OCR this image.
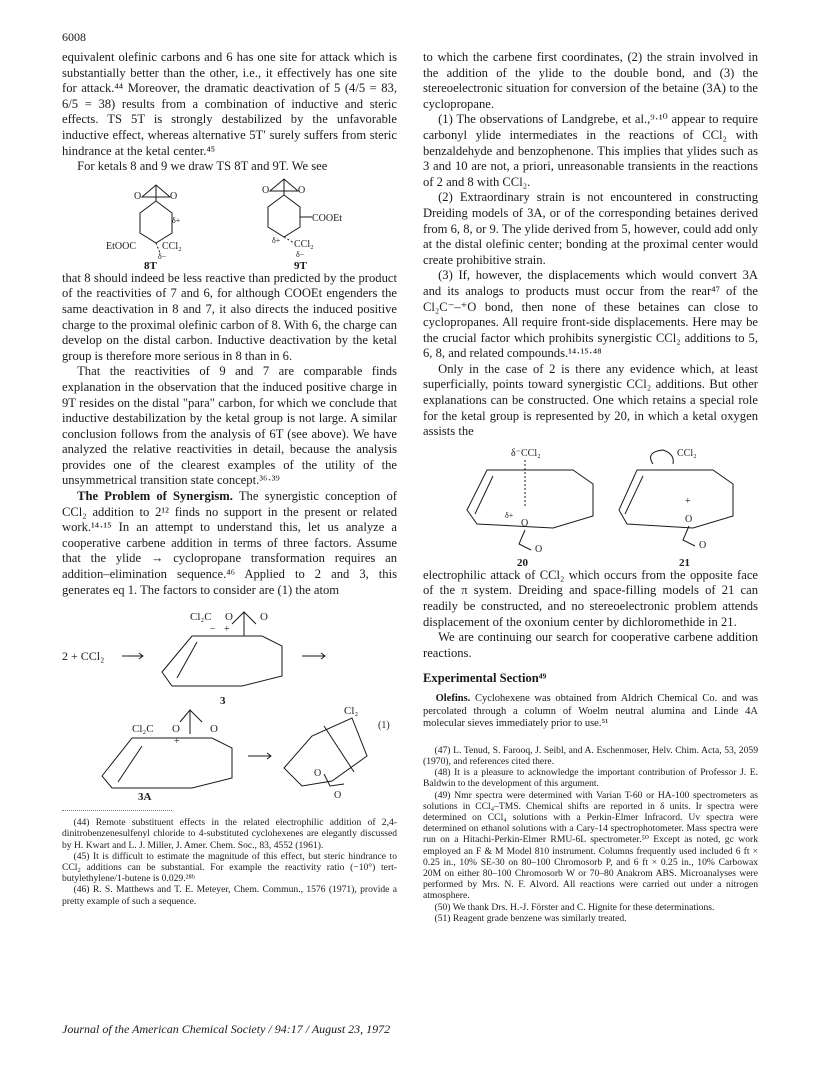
6008

equivalent olefinic carbons and 6 has one site for attack which is substantially better than the other, i.e., it effectively has one site for attack.⁴⁴ Moreover, the dramatic deactivation of 5 (4/5 = 83, 6/5 = 38) results from a combination of inductive and steric effects. TS 5T is strongly destabilized by the unfavorable inductive effect, whereas alternative 5T′ surely suffers from steric hindrance at the ketal center.⁴⁵

For ketals 8 and 9 we draw TS 8T and 9T. We see

O	O
δ+
EtOOC	CCl₂
δ−
8T
O	O
COOEt
δ+ CCl₂
δ−
9T

that 8 should indeed be less reactive than predicted by the product of the reactivities of 7 and 6, for although COOEt engenders the same deactivation in 8 and 7, it also directs the induced positive charge to the proximal olefinic carbon of 8. With 6, the charge can develop on the distal carbon. Inductive deactivation by the ketal group is therefore more serious in 8 than in 6.

That the reactivities of 9 and 7 are comparable finds explanation in the observation that the induced positive charge in 9T resides on the distal "para" carbon, for which we conclude that inductive destabilization by the ketal group is not large. A similar conclusion follows from the analysis of 6T (see above). We have analyzed the relative reactivities in detail, because the analysis provides one of the clearest examples of the utility of the unsymmetrical transition state concept.³⁶·³⁹

The Problem of Synergism. The synergistic conception of CCl₂ addition to 2¹² finds no support in the present or related work.¹⁴·¹⁵ In an attempt to understand this, let us analyze a cooperative carbene addition in terms of three factors. Assume that the ylide → cyclopropane transformation requires an addition–elimination sequence.⁴⁶ Applied to 2 and 3, this generates eq 1. The factors to consider are (1) the atom

2 + CCl₂
Cl₂C O O
− +
3
Cl₂C O	O
+
3A
Cl₂
O
O
(1)

(44) Remote substituent effects in the related electrophilic addition of 2,4-dinitrobenzenesulfenyl chloride to 4-substituted cyclohexenes are elegantly discussed by H. Kwart and L. J. Miller, J. Amer. Chem. Soc., 83, 4552 (1961).

(45) It is difficult to estimate the magnitude of this effect, but steric hindrance to CCl₂ additions can be substantial. For example the reactivity ratio (−10°) tert-butylethylene/1-butene is 0.029.²⁸ᵇ

(46) R. S. Matthews and T. E. Meteyer, Chem. Commun., 1576 (1971), provide a pretty example of such a sequence.

to which the carbene first coordinates, (2) the strain involved in the addition of the ylide to the double bond, and (3) the stereoelectronic situation for conversion of the betaine (3A) to the cyclopropane.

(1) The observations of Landgrebe, et al.,⁹·¹⁰ appear to require carbonyl ylide intermediates in the reactions of CCl₂ with benzaldehyde and benzophenone. This implies that ylides such as 3 and 10 are not, a priori, unreasonable transients in the reactions of 2 and 8 with CCl₂.

(2) Extraordinary strain is not encountered in constructing Dreiding models of 3A, or of the corresponding betaines derived from 6, 8, or 9. The ylide derived from 5, however, could add only at the distal olefinic center; bonding at the proximal center would create prohibitive strain.

(3) If, however, the displacements which would convert 3A and its analogs to products must occur from the rear⁴⁷ of the Cl₂C⁻–⁺O bond, then none of these betaines can close to cyclopropanes. All require front-side displacements. Here may be the crucial factor which prohibits synergistic CCl₂ additions to 5, 6, 8, and related compounds.¹⁴·¹⁵·⁴⁸

Only in the case of 2 is there any evidence which, at least superficially, points toward synergistic CCl₂ additions. But other explanations can be constructed. One which retains a special role for the ketal group is represented by 20, in which a ketal oxygen assists the

δ⁻CCl₂
δ+
O
O
20
CCl₂
+
O
O
21

electrophilic attack of CCl₂ which occurs from the opposite face of the π system. Dreiding and space-filling models of 21 can readily be constructed, and no stereoelectronic problem attends displacement of the oxonium center by dichloromethide in 21.

We are continuing our search for cooperative carbene addition reactions.

Experimental Section⁴⁹

Olefins. Cyclohexene was obtained from Aldrich Chemical Co. and was percolated through a column of Woelm neutral alumina and Linde 4A molecular sieves immediately prior to use.⁵¹

(47) L. Tenud, S. Farooq, J. Seibl, and A. Eschenmoser, Helv. Chim. Acta, 53, 2059 (1970), and references cited there.

(48) It is a pleasure to acknowledge the important contribution of Professor J. E. Baldwin to the development of this argument.

(49) Nmr spectra were determined with Varian T-60 or HA-100 spectrometers as solutions in CCl₄–TMS. Chemical shifts are reported in δ units. Ir spectra were determined on CCl₄ solutions with a Perkin-Elmer Infracord. Uv spectra were determined on ethanol solutions with a Cary-14 spectrophotometer. Mass spectra were run on a Hitachi-Perkin-Elmer RMU-6L spectrometer.⁵⁰ Except as noted, gc work employed an F & M Model 810 instrument. Columns frequently used included 6 ft × 0.25 in., 10% SE-30 on 80–100 Chromosorb P, and 6 ft × 0.25 in., 10% Carbowax 20M on either 80–100 Chromosorb W or 70–80 Anakrom ABS. Microanalyses were performed by Mrs. N. F. Alvord. All reactions were carried out under a nitrogen atmosphere.

(50) We thank Drs. H.-J. Förster and C. Hignite for these determinations.

(51) Reagent grade benzene was similarly treated.

Journal of the American Chemical Society / 94:17 / August 23, 1972
